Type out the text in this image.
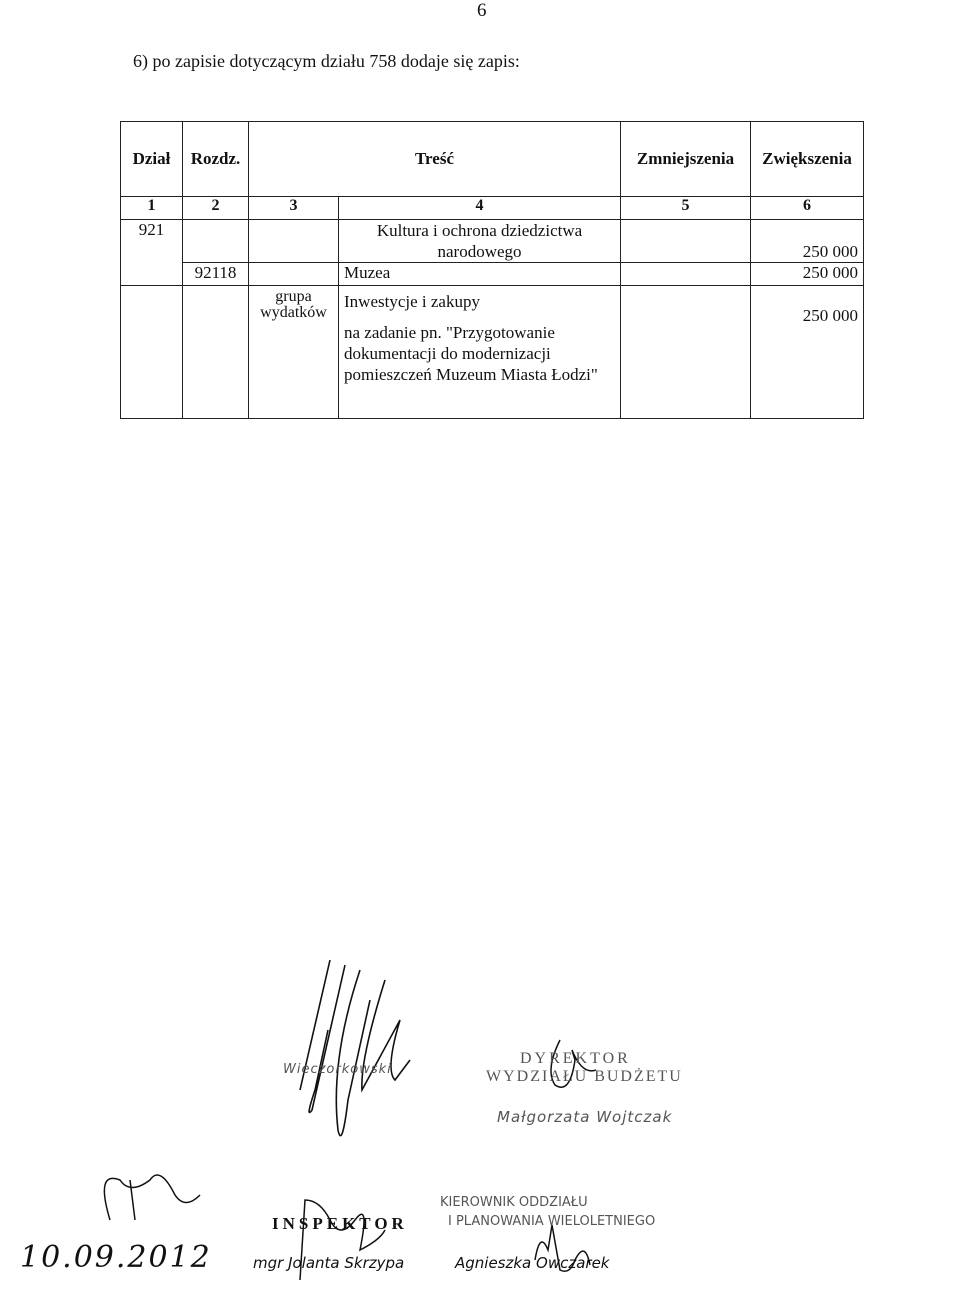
6
6) po zapisie dotyczącym działu 758 dodaje się zapis:
Dział	Rozdz.	Treść		Zmniejszenia	Zwiększenia
1	2	3	4	5	6
921			Kultura i ochrona dziedzictwa narodowego		250 000
	92118		Muzea		250 000
		grupa wydatków	Inwestycje i zakupy
na zadanie pn. "Przygotowanie dokumentacji do modernizacji pomieszczeń Muzeum Miasta Łodzi"		250 000
Wieczorkowski
DYREKTOR
WYDZIAŁU BUDŻETU
Małgorzata Wojtczak
INSPEKTOR
mgr Jolanta Skrzypa
KIEROWNIK ODDZIAŁU
I PLANOWANIA WIELOLETNIEGO
Agnieszka Owczarek
10.09.2012
